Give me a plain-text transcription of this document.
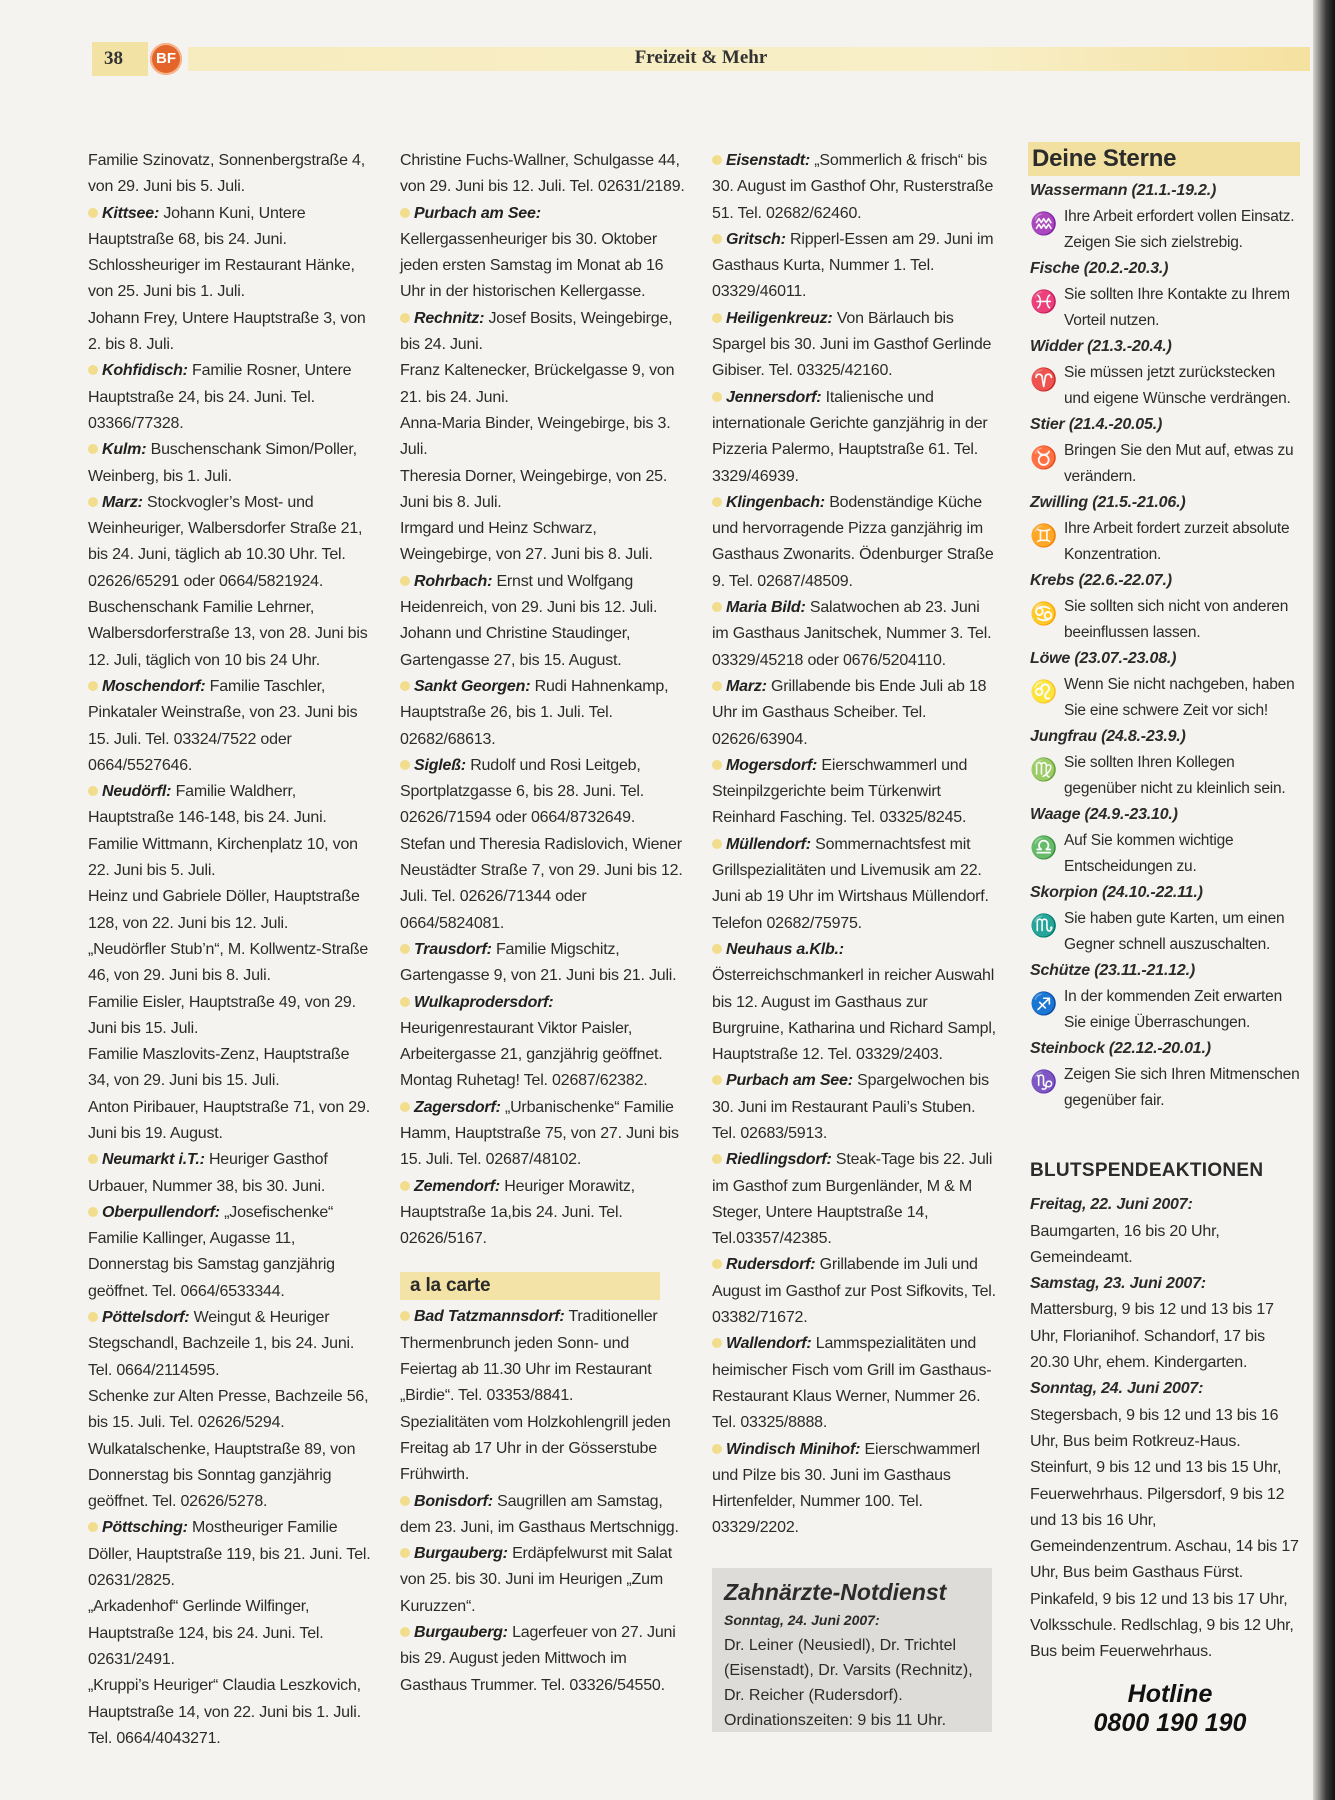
38	BF	Freizeit & Mehr

Familie Szinovatz, Sonnenbergstraße 4, von 29. Juni bis 5. Juli.

Kittsee: Johann Kuni, Untere Hauptstraße 68, bis 24. Juni.

Schlossheuriger im Restaurant Hänke, von 25. Juni bis 1. Juli.

Johann Frey, Untere Hauptstraße 3, von 2. bis 8. Juli.

Kohfidisch: Familie Rosner, Untere Hauptstraße 24, bis 24. Juni. Tel. 03366/77328.

Kulm: Buschenschank Simon/Poller, Weinberg, bis 1. Juli.

Marz: Stockvogler’s Most- und Weinheuriger, Walbersdorfer Straße 21, bis 24. Juni, täglich ab 10.30 Uhr. Tel. 02626/65291 oder 0664/5821924.

Buschenschank Familie Lehrner, Walbersdorferstraße 13, von 28. Juni bis 12. Juli, täglich von 10 bis 24 Uhr.

Moschendorf: Familie Taschler, Pinkataler Weinstraße, von 23. Juni bis 15. Juli. Tel. 03324/7522 oder 0664/5527646.

Neudörfl: Familie Waldherr, Hauptstraße 146-148, bis 24. Juni.

Familie Wittmann, Kirchenplatz 10, von 22. Juni bis 5. Juli.

Heinz und Gabriele Döller, Hauptstraße 128, von 22. Juni bis 12. Juli.

„Neudörfler Stub’n“, M. Kollwentz-Straße 46, von 29. Juni bis 8. Juli.

Familie Eisler, Hauptstraße 49, von 29. Juni bis 15. Juli.

Familie Maszlovits-Zenz, Hauptstraße 34, von 29. Juni bis 15. Juli.

Anton Piribauer, Hauptstraße 71, von 29. Juni bis 19. August.

Neumarkt i.T.: Heuriger Gasthof Urbauer, Nummer 38, bis 30. Juni.

Oberpullendorf: „Josefischenke“ Familie Kallinger, Augasse 11, Donnerstag bis Samstag ganzjährig geöffnet. Tel. 0664/6533344.

Pöttelsdorf: Weingut & Heuriger Stegschandl, Bachzeile 1, bis 24. Juni. Tel. 0664/2114595.

Schenke zur Alten Presse, Bachzeile 56, bis 15. Juli. Tel. 02626/5294.

Wulkatalschenke, Hauptstraße 89, von Donnerstag bis Sonntag ganzjährig geöffnet. Tel. 02626/5278.

Pöttsching: Mostheuriger Familie Döller, Hauptstraße 119, bis 21. Juni. Tel. 02631/2825.

„Arkadenhof“ Gerlinde Wilfinger, Hauptstraße 124, bis 24. Juni. Tel. 02631/2491.

„Kruppi’s Heuriger“ Claudia Leszkovich, Hauptstraße 14, von 22. Juni bis 1. Juli. Tel. 0664/4043271.

Christine Fuchs-Wallner, Schulgasse 44, von 29. Juni bis 12. Juli. Tel. 02631/2189.

Purbach am See: Kellergassenheuriger bis 30. Oktober jeden ersten Samstag im Monat ab 16 Uhr in der historischen Kellergasse.

Rechnitz: Josef Bosits, Weingebirge, bis 24. Juni.

Franz Kaltenecker, Brückelgasse 9, von 21. bis 24. Juni.

Anna-Maria Binder, Weingebirge, bis 3. Juli.

Theresia Dorner, Weingebirge, von 25. Juni bis 8. Juli.

Irmgard und Heinz Schwarz, Weingebirge, von 27. Juni bis 8. Juli.

Rohrbach: Ernst und Wolfgang Heidenreich, von 29. Juni bis 12. Juli.

Johann und Christine Staudinger, Gartengasse 27, bis 15. August.

Sankt Georgen: Rudi Hahnenkamp, Hauptstraße 26, bis 1. Juli. Tel. 02682/68613.

Sigleß: Rudolf und Rosi Leitgeb, Sportplatzgasse 6, bis 28. Juni. Tel. 02626/71594 oder 0664/8732649.

Stefan und Theresia Radislovich, Wiener Neustädter Straße 7, von 29. Juni bis 12. Juli. Tel. 02626/71344 oder 0664/5824081.

Trausdorf: Familie Migschitz, Gartengasse 9, von 21. Juni bis 21. Juli.

Wulkaprodersdorf: Heurigenrestaurant Viktor Paisler, Arbeitergasse 21, ganzjährig geöffnet. Montag Ruhetag! Tel. 02687/62382.

Zagersdorf: „Urbanischenke“ Familie Hamm, Hauptstraße 75, von 27. Juni bis 15. Juli. Tel. 02687/48102.

Zemendorf: Heuriger Morawitz, Hauptstraße 1a,bis 24. Juni. Tel. 02626/5167.

a la carte

Bad Tatzmannsdorf: Traditioneller Thermenbrunch jeden Sonn- und Feiertag ab 11.30 Uhr im Restaurant „Birdie“. Tel. 03353/8841.

Spezialitäten vom Holzkohlengrill jeden Freitag ab 17 Uhr in der Gösserstube Frühwirth.

Bonisdorf: Saugrillen am Samstag, dem 23. Juni, im Gasthaus Mertschnigg.

Burgauberg: Erdäpfelwurst mit Salat von 25. bis 30. Juni im Heurigen „Zum Kuruzzen“.

Burgauberg: Lagerfeuer von 27. Juni bis 29. August jeden Mittwoch im Gasthaus Trummer. Tel. 03326/54550.

Eisenstadt: „Sommerlich & frisch“ bis 30. August im Gasthof Ohr, Rusterstraße 51. Tel. 02682/62460.

Gritsch: Ripperl-Essen am 29. Juni im Gasthaus Kurta, Nummer 1. Tel. 03329/46011.

Heiligenkreuz: Von Bärlauch bis Spargel bis 30. Juni im Gasthof Gerlinde Gibiser. Tel. 03325/42160.

Jennersdorf: Italienische und internationale Gerichte ganzjährig in der Pizzeria Palermo, Hauptstraße 61. Tel. 3329/46939.

Klingenbach: Bodenständige Küche und hervorragende Pizza ganzjährig im Gasthaus Zwonarits. Ödenburger Straße 9. Tel. 02687/48509.

Maria Bild: Salatwochen ab 23. Juni im Gasthaus Janitschek, Nummer 3. Tel. 03329/45218 oder 0676/5204110.

Marz: Grillabende bis Ende Juli ab 18 Uhr im Gasthaus Scheiber. Tel. 02626/63904.

Mogersdorf: Eierschwammerl und Steinpilzgerichte beim Türkenwirt Reinhard Fasching. Tel. 03325/8245.

Müllendorf: Sommernachtsfest mit Grillspezialitäten und Livemusik am 22. Juni ab 19 Uhr im Wirtshaus Müllendorf. Telefon 02682/75975.

Neuhaus a.Klb.: Österreichschmankerl in reicher Auswahl bis 12. August im Gasthaus zur Burgruine, Katharina und Richard Sampl, Hauptstraße 12. Tel. 03329/2403.

Purbach am See: Spargelwochen bis 30. Juni im Restaurant Pauli’s Stuben. Tel. 02683/5913.

Riedlingsdorf: Steak-Tage bis 22. Juli im Gasthof zum Burgenländer, M & M Steger, Untere Hauptstraße 14, Tel.03357/42385.

Rudersdorf: Grillabende im Juli und August im Gasthof zur Post Sifkovits, Tel. 03382/71672.

Wallendorf: Lammspezialitäten und heimischer Fisch vom Grill im Gasthaus-Restaurant Klaus Werner, Nummer 26. Tel. 03325/8888.

Windisch Minihof: Eierschwammerl und Pilze bis 30. Juni im Gasthaus Hirtenfelder, Nummer 100. Tel. 03329/2202.

Zahnärzte-Notdienst
Sonntag, 24. Juni 2007:
Dr. Leiner (Neusiedl), Dr. Trichtel (Eisenstadt), Dr. Varsits (Rechnitz), Dr. Reicher (Rudersdorf).
Ordinationszeiten: 9 bis 11 Uhr.
Deine Sterne
Wassermann (21.1.-19.2.)
♒ Ihre Arbeit erfordert vollen Einsatz. Zeigen Sie sich zielstrebig.
Fische (20.2.-20.3.)
♓ Sie sollten Ihre Kontakte zu Ihrem Vorteil nutzen.
Widder (21.3.-20.4.)
♈ Sie müssen jetzt zurückstecken und eigene Wünsche verdrängen.
Stier (21.4.-20.05.)
♉ Bringen Sie den Mut auf, etwas zu verändern.
Zwilling (21.5.-21.06.)
♊ Ihre Arbeit fordert zurzeit absolute Konzentration.
Krebs (22.6.-22.07.)
♋ Sie sollten sich nicht von anderen beeinflussen lassen.
Löwe (23.07.-23.08.)
♌ Wenn Sie nicht nachgeben, haben Sie eine schwere Zeit vor sich!
Jungfrau (24.8.-23.9.)
♍ Sie sollten Ihren Kollegen gegenüber nicht zu kleinlich sein.
Waage (24.9.-23.10.)
♎ Auf Sie kommen wichtige Entscheidungen zu.
Skorpion (24.10.-22.11.)
♏ Sie haben gute Karten, um einen Gegner schnell auszuschalten.
Schütze (23.11.-21.12.)
♐ In der kommenden Zeit erwarten Sie einige Überraschungen.
Steinbock (22.12.-20.01.)
♑ Zeigen Sie sich Ihren Mitmenschen gegenüber fair.
BLUTSPENDEAKTIONEN
Freitag, 22. Juni 2007:
Baumgarten, 16 bis 20 Uhr, Gemeindeamt.
Samstag, 23. Juni 2007:
Mattersburg, 9 bis 12 und 13 bis 17 Uhr, Florianihof. Schandorf, 17 bis 20.30 Uhr, ehem. Kindergarten.
Sonntag, 24. Juni 2007:
Stegersbach, 9 bis 12 und 13 bis 16 Uhr, Bus beim Rotkreuz-Haus. Steinfurt, 9 bis 12 und 13 bis 15 Uhr, Feuerwehrhaus. Pilgersdorf, 9 bis 12 und 13 bis 16 Uhr, Gemeindenzentrum. Aschau, 14 bis 17 Uhr, Bus beim Gasthaus Fürst. Pinkafeld, 9 bis 12 und 13 bis 17 Uhr, Volksschule. Redlschlag, 9 bis 12 Uhr, Bus beim Feuerwehrhaus.
Hotline
0800 190 190
